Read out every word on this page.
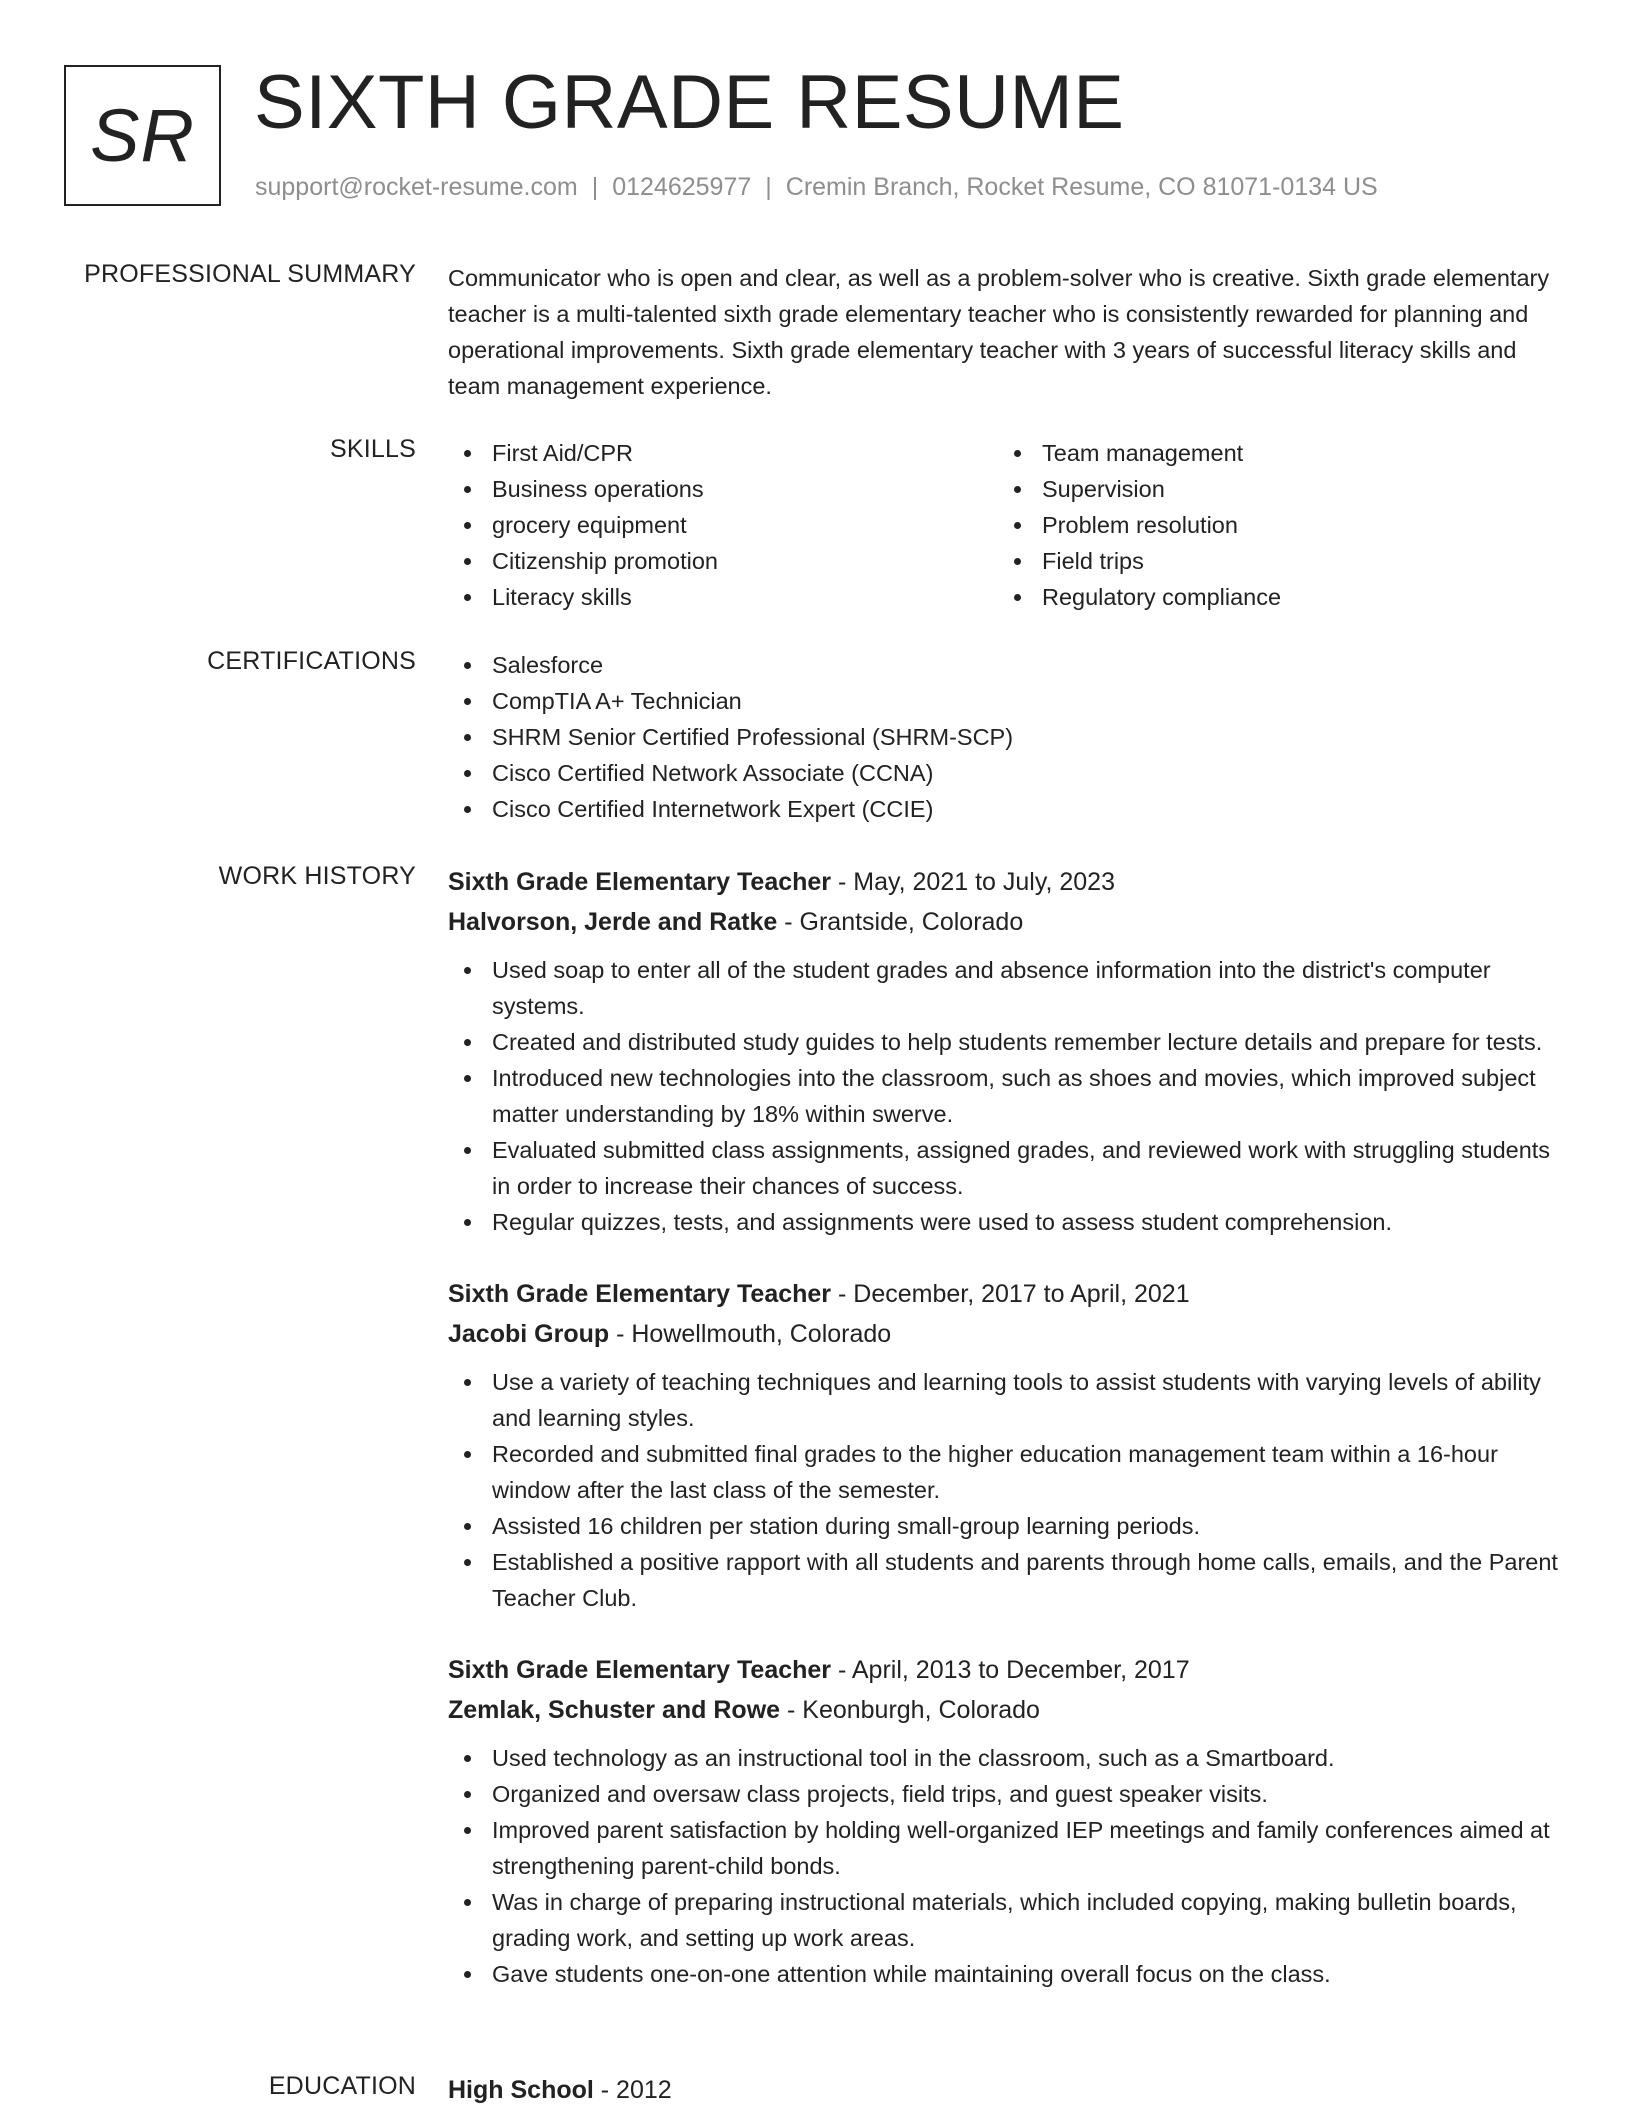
SR SIXTH GRADE RESUME
support@rocket-resume.com | 0124625977 | Cremin Branch, Rocket Resume, CO 81071-0134 US
PROFESSIONAL SUMMARY Communicator who is open and clear, as well as a problem-solver who is creative. Sixth grade elementary teacher is a multi-talented sixth grade elementary teacher who is consistently rewarded for planning and operational improvements. Sixth grade elementary teacher with 3 years of successful literacy skills and team management experience.
SKILLS	First Aid/CPR
Business operations
grocery equipment
Citizenship promotion
Literacy skills
Team management
Supervision
Problem resolution
Field trips
Regulatory compliance
CERTIFICATIONS	Salesforce
CompTIA A+ Technician
SHRM Senior Certified Professional (SHRM-SCP)
Cisco Certified Network Associate (CCNA)
Cisco Certified Internetwork Expert (CCIE)
WORK HISTORY Sixth Grade Elementary Teacher - May, 2021 to July, 2023
Halvorson, Jerde and Ratke - Grantside, Colorado
Used soap to enter all of the student grades and absence information into the district's computer systems.
Created and distributed study guides to help students remember lecture details and prepare for tests.
Introduced new technologies into the classroom, such as shoes and movies, which improved subject matter understanding by 18% within swerve.
Evaluated submitted class assignments, assigned grades, and reviewed work with struggling students in order to increase their chances of success.
Regular quizzes, tests, and assignments were used to assess student comprehension.
Sixth Grade Elementary Teacher - December, 2017 to April, 2021
Jacobi Group - Howellmouth, Colorado
Use a variety of teaching techniques and learning tools to assist students with varying levels of ability and learning styles.
Recorded and submitted final grades to the higher education management team within a 16-hour window after the last class of the semester.
Assisted 16 children per station during small-group learning periods.
Established a positive rapport with all students and parents through home calls, emails, and the Parent Teacher Club.
Sixth Grade Elementary Teacher - April, 2013 to December, 2017
Zemlak, Schuster and Rowe - Keonburgh, Colorado
Used technology as an instructional tool in the classroom, such as a Smartboard.
Organized and oversaw class projects, field trips, and guest speaker visits.
Improved parent satisfaction by holding well-organized IEP meetings and family conferences aimed at strengthening parent-child bonds.
Was in charge of preparing instructional materials, which included copying, making bulletin boards, grading work, and setting up work areas.
Gave students one-on-one attention while maintaining overall focus on the class.
EDUCATION High School - 2012
